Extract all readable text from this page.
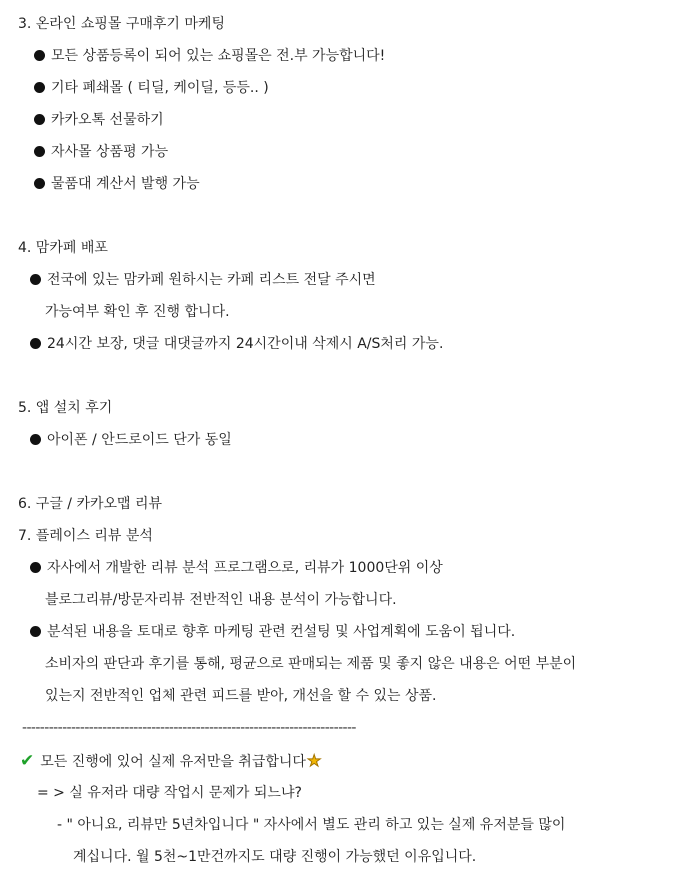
3. 온라인 쇼핑몰 구매후기 마케팅
모든 상품등록이 되어 있는 쇼핑몰은 전.부 가능합니다!
기타 폐쇄몰 ( 티딜, 케이딜, 등등.. )
카카오톡 선물하기
자사몰 상품평 가능
물품대 계산서 발행 가능
4. 맘카페 배포
전국에 있는 맘카페 원하시는 카페 리스트 전달 주시면
가능여부 확인 후 진행 합니다.
24시간 보장, 댓글 대댓글까지 24시간이내 삭제시 A/S처리 가능.
5. 앱 설치 후기
아이폰 / 안드로이드 단가 동일
6. 구글 / 카카오맵 리뷰
7. 플레이스 리뷰 분석
자사에서 개발한 리뷰 분석 프로그램으로, 리뷰가 1000단위 이상
블로그리뷰/방문자리뷰 전반적인 내용 분석이 가능합니다.
분석된 내용을 토대로 향후 마케팅 관련 컨설팅 및 사업계획에 도움이 됩니다.
소비자의 판단과 후기를 통해, 평균으로 판매되는 제품 및 좋지 않은 내용은 어떤 부분이
있는지 전반적인 업체 관련 피드를 받아, 개선을 할 수 있는 상품.
---------------------------------------------------------------------------
✔ 모든 진행에 있어 실제 유저만을 취급합니다★
= > 실 유저라 대량 작업시 문제가 되느냐?
- " 아니요, 리뷰만 5년차입니다 " 자사에서 별도 관리 하고 있는 실제 유저분들 많이
계십니다. 월 5천~1만건까지도 대량 진행이 가능했던 이유입니다.
